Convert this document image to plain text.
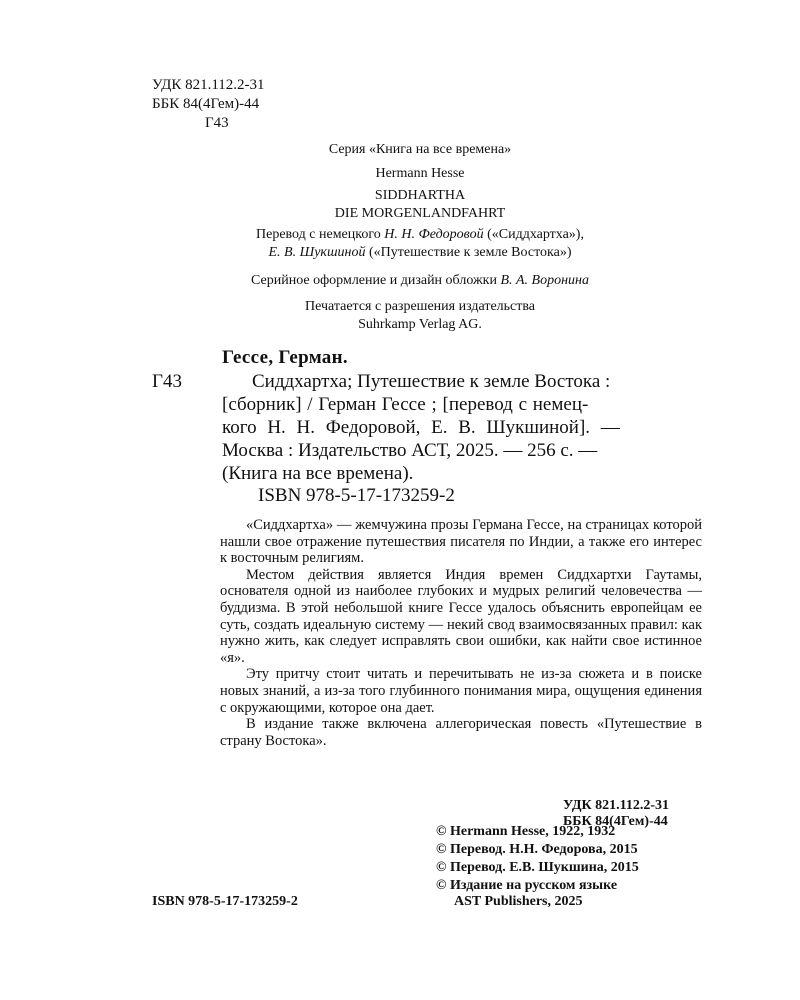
УДК 821.112.2-31
ББК 84(4Гем)-44
Г43
Серия «Книга на все времена»
Hermann Hesse
SIDDHARTHA
DIE MORGENLANDFAHRT
Перевод с немецкого Н. Н. Федоровой («Сиддхартха»),
Е. В. Шукшиной («Путешествие к земле Востока»)
Серийное оформление и дизайн обложки В. А. Воронина
Печатается с разрешения издательства
Suhrkamp Verlag AG.
Гессе, Герман.
Г43	Сиддхартха; Путешествие к земле Востока :
[сборник] / Герман Гессе ; [перевод с немец-
кого Н. Н. Федоровой, Е. В. Шукшиной]. —
Москва : Издательство АСТ, 2025. — 256 с. —
(Книга на все времена).
ISBN 978-5-17-173259-2

«Сиддхартха» — жемчужина прозы Германа Гессе, на страницах которой нашли свое отражение путешествия писателя по Индии, а также его интерес к восточным религиям.

Местом действия является Индия времен Сиддхартхи Гаутамы, основателя одной из наиболее глубоких и мудрых религий человечества — буддизма. В этой небольшой книге Гессе удалось объяснить европейцам ее суть, создать идеальную систему — некий свод взаимосвязанных правил: как нужно жить, как следует исправлять свои ошибки, как найти свое истинное «я».

Эту притчу стоит читать и перечитывать не из-за сюжета и в поиске новых знаний, а из-за того глубинного понимания мира, ощущения единения с окружающими, которое она дает.

В издание также включена аллегорическая повесть «Путешествие в страну Востока».

УДК 821.112.2-31
ББК 84(4Гем)-44
© Hermann Hesse, 1922, 1932
© Перевод. Н.Н. Федорова, 2015
© Перевод. Е.В. Шукшина, 2015
© Издание на русском языке
AST Publishers, 2025
ISBN 978-5-17-173259-2
